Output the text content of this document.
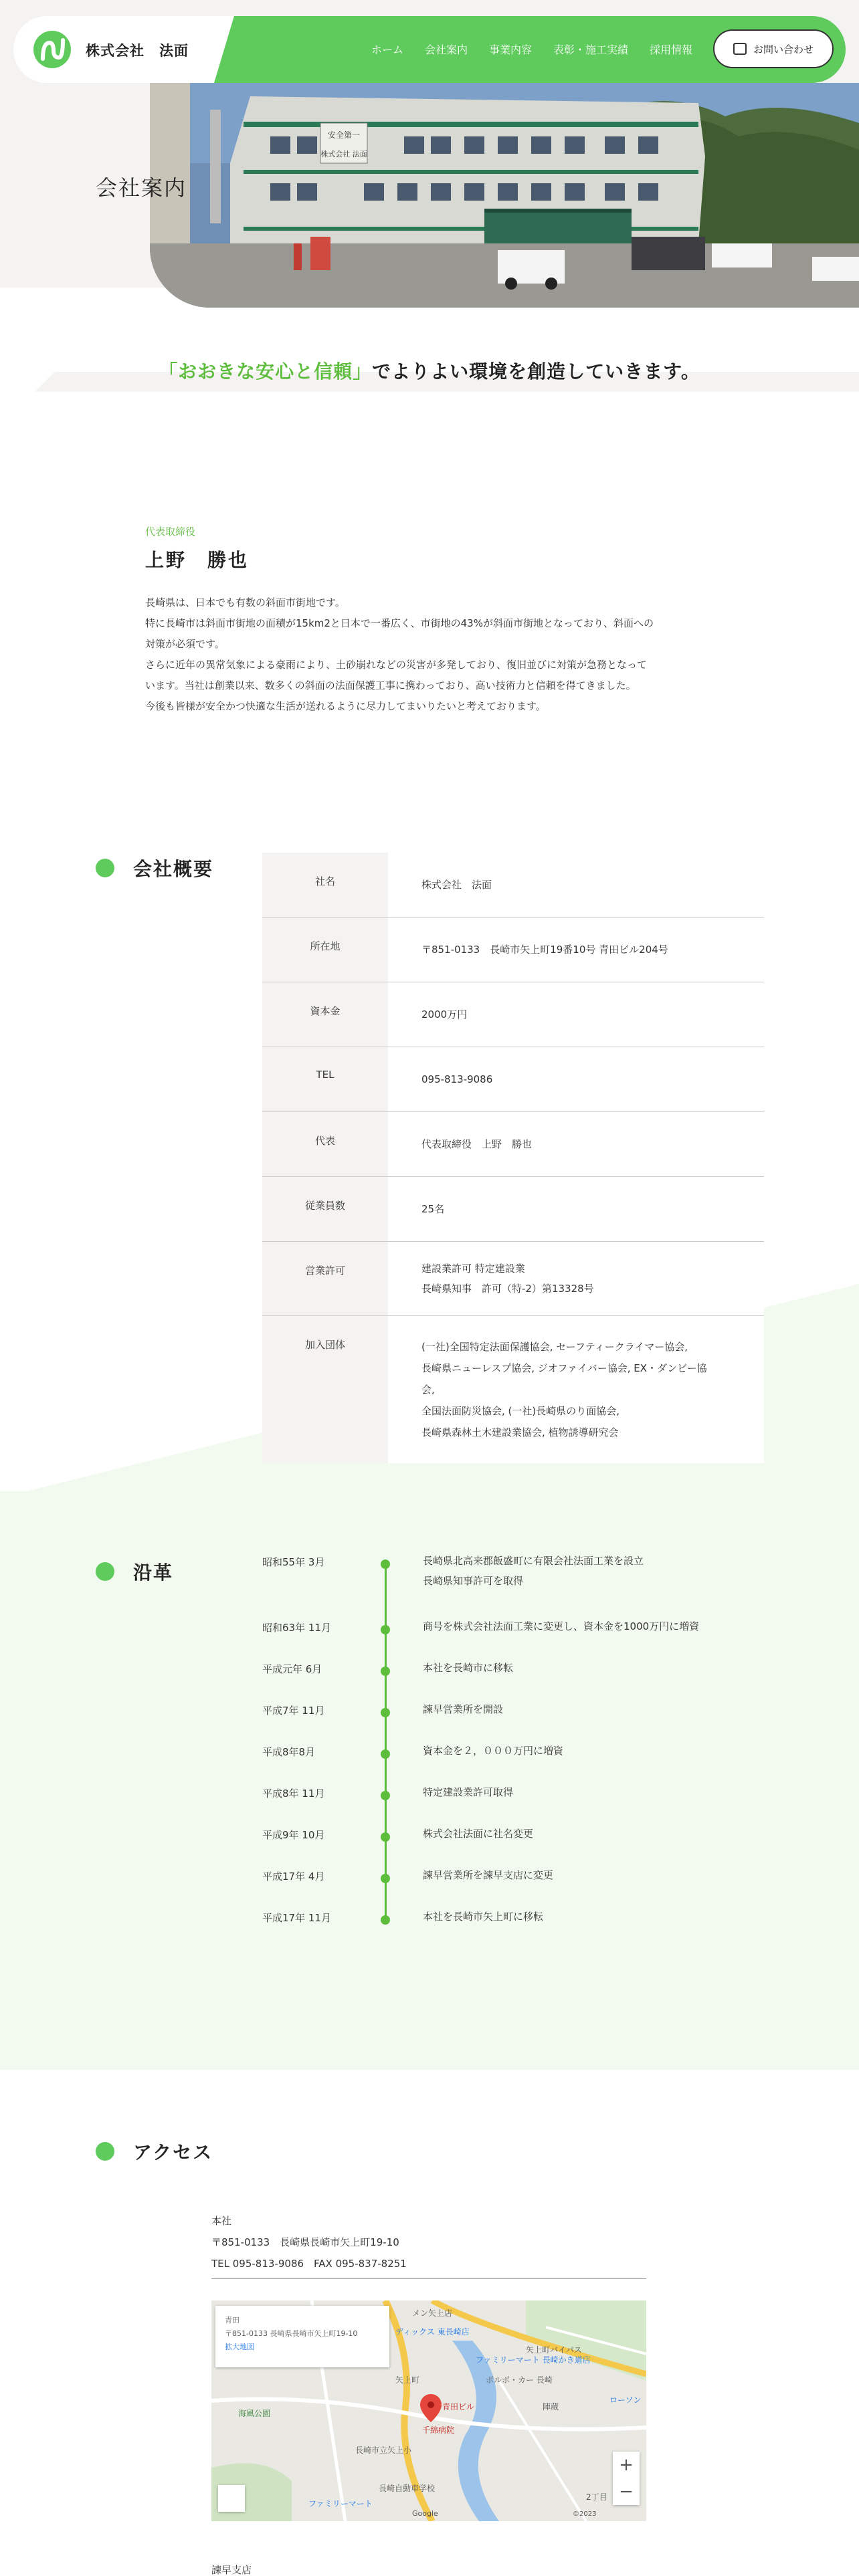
安全第一
株式会社 法面
会社案内
株式会社　法面	ホーム 会社案内 事業内容 表彰・施工実績 採用情報	お問い合わせ
「おおきな安心と信頼」でよりよい環境を創造していきます。
代表取締役
上野　勝也
長崎県は、日本でも有数の斜面市街地です。
特に長崎市は斜面市街地の面積が15km2と日本で一番広く、市街地の43%が斜面市街地となっており、斜面への
対策が必須です。
さらに近年の異常気象による豪雨により、土砂崩れなどの災害が多発しており、復旧並びに対策が急務となって
います。当社は創業以来、数多くの斜面の法面保護工事に携わっており、高い技術力と信頼を得てきました。
今後も皆様が安全かつ快適な生活が送れるように尽力してまいりたいと考えております。
会社概要
社名	株式会社　法面
所在地	〒851-0133　長崎市矢上町19番10号 青田ビル204号
資本金	2000万円
TEL	095-813-9086
代表	代表取締役　上野　勝也
従業員数	25名
営業許可	建設業許可 特定建設業
長崎県知事　許可（特-2）第13328号
加入団体	(一社)全国特定法面保護協会, セーフティークライマー協会,
長崎県ニューレスプ協会, ジオファイバー協会, EX・ダンビー協
会,
全国法面防災協会, (一社)長崎県のり面協会,
長崎県森林土木建設業協会, 植物誘導研究会
沿革	昭和55年 3月	長崎県北高来郡飯盛町に有限会社法面工業を設立
長崎県知事許可を取得
昭和63年 11月	商号を株式会社法面工業に変更し、資本金を1000万円に増資
平成元年 6月	本社を長崎市に移転
平成7年 11月	諫早営業所を開設
平成8年8月	資本金を２，０００万円に増資
平成8年 11月	特定建設業許可取得
平成9年 10月	株式会社法面に社名変更
平成17年 4月	諫早営業所を諫早支店に変更
平成17年 11月	本社を長崎市矢上町に移転
アクセス
本社
〒851-0133　長崎県長崎市矢上町19-10
TEL 095-813-9086　FAX 095-837-8251
青田ビル
ファミリーマート 長崎かき道店
ボルボ・カー 長崎
ローソン
千綿病院
矢上町
長崎市立矢上小
長崎自動車学校
海風公園
2丁目
ファミリーマート
ディックス 東長崎店
メン矢上店
陣蔵
矢上町バイパス
青田
〒851-0133 長崎県長崎市矢上町19-10
拡大地図
+
−
Google	©2023
諫早支店
